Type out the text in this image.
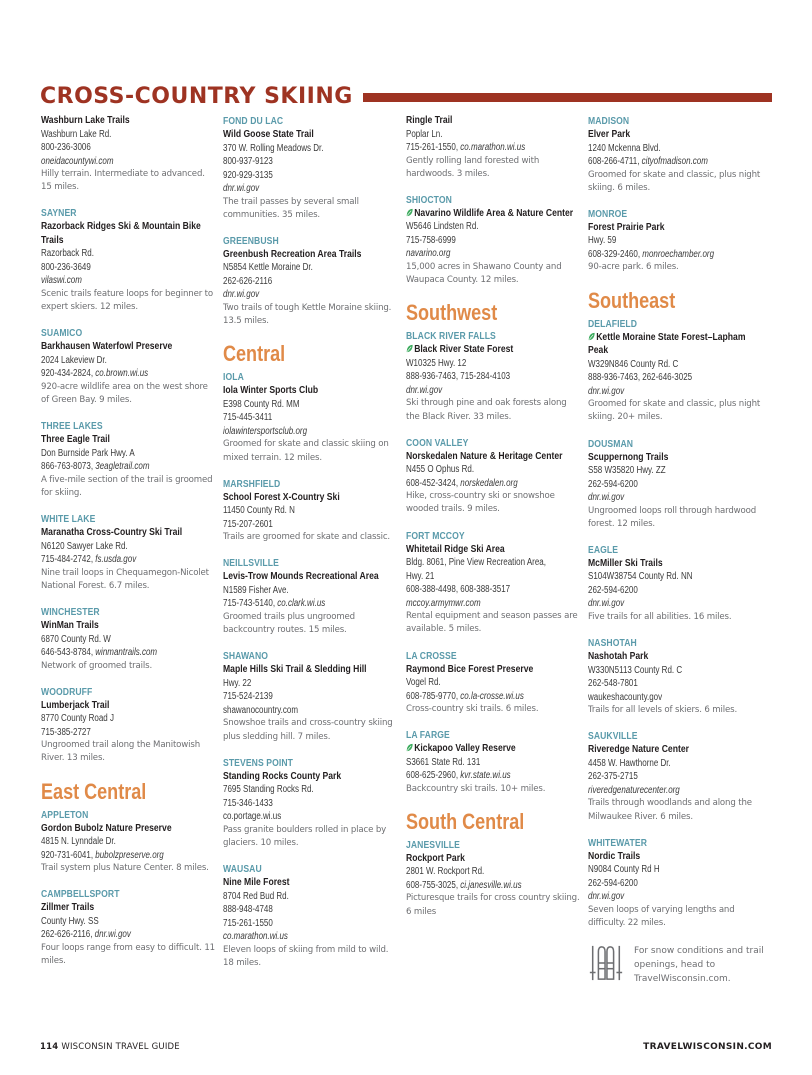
CROSS-COUNTRY SKIING
Washburn Lake Trails
Washburn Lake Rd.
800-236-3006
oneidacountywi.com
Hilly terrain. Intermediate to advanced. 15 miles.
SAYNER
Razorback Ridges Ski & Mountain Bike Trails
Razorback Rd.
800-236-3649
vilaswi.com
Scenic trails feature loops for beginner to expert skiers. 12 miles.
SUAMICO
Barkhausen Waterfowl Preserve
2024 Lakeview Dr.
920-434-2824, co.brown.wi.us
920-acre wildlife area on the west shore of Green Bay. 9 miles.
THREE LAKES
Three Eagle Trail
Don Burnside Park Hwy. A
866-763-8073, 3eagletrail.com
A five-mile section of the trail is groomed for skiing.
WHITE LAKE
Maranatha Cross-Country Ski Trail
N6120 Sawyer Lake Rd.
715-484-2742, fs.usda.gov
Nine trail loops in Chequamegon-Nicolet National Forest. 6.7 miles.
WINCHESTER
WinMan Trails
6870 County Rd. W
646-543-8784, winmantrails.com
Network of groomed trails.
WOODRUFF
Lumberjack Trail
8770 County Road J
715-385-2727
Ungroomed trail along the Manitowish River. 13 miles.
East Central
APPLETON
Gordon Bubolz Nature Preserve
4815 N. Lynndale Dr.
920-731-6041, bubolzpreserve.org
Trail system plus Nature Center. 8 miles.
CAMPBELLSPORT
Zillmer Trails
County Hwy. SS
262-626-2116, dnr.wi.gov
Four loops range from easy to difficult. 11 miles.
FOND DU LAC
Wild Goose State Trail
370 W. Rolling Meadows Dr.
800-937-9123
920-929-3135
dnr.wi.gov
The trail passes by several small communities. 35 miles.
GREENBUSH
Greenbush Recreation Area Trails
N5854 Kettle Moraine Dr.
262-626-2116
dnr.wi.gov
Two trails of tough Kettle Moraine skiing. 13.5 miles.
Central
IOLA
Iola Winter Sports Club
E398 County Rd. MM
715-445-3411
iolawintersportsclub.org
Groomed for skate and classic skiing on mixed terrain. 12 miles.
MARSHFIELD
School Forest X-Country Ski
11450 County Rd. N
715-207-2601
Trails are groomed for skate and classic.
NEILLSVILLE
Levis-Trow Mounds Recreational Area
N1589 Fisher Ave.
715-743-5140, co.clark.wi.us
Groomed trails plus ungroomed backcountry routes. 15 miles.
SHAWANO
Maple Hills Ski Trail & Sledding Hill
Hwy. 22
715-524-2139
shawanocountry.com
Snowshoe trails and cross-country skiing plus sledding hill. 7 miles.
STEVENS POINT
Standing Rocks County Park
7695 Standing Rocks Rd.
715-346-1433
co.portage.wi.us
Pass granite boulders rolled in place by glaciers. 10 miles.
WAUSAU
Nine Mile Forest
8704 Red Bud Rd.
888-948-4748
715-261-1550
co.marathon.wi.us
Eleven loops of skiing from mild to wild. 18 miles.
Ringle Trail
Poplar Ln.
715-261-1550, co.marathon.wi.us
Gently rolling land forested with hardwoods. 3 miles.
SHIOCTON
Navarino Wildlife Area & Nature Center
W5646 Lindsten Rd.
715-758-6999
navarino.org
15,000 acres in Shawano County and Waupaca County. 12 miles.
Southwest
BLACK RIVER FALLS
Black River State Forest
W10325 Hwy. 12
888-936-7463, 715-284-4103
dnr.wi.gov
Ski through pine and oak forests along the Black River. 33 miles.
COON VALLEY
Norskedalen Nature & Heritage Center
N455 O Ophus Rd.
608-452-3424, norskedalen.org
Hike, cross-country ski or snowshoe wooded trails. 9 miles.
FORT MCCOY
Whitetail Ridge Ski Area
Bldg. 8061, Pine View Recreation Area,
Hwy. 21
608-388-4498, 608-388-3517
mccoy.armymwr.com
Rental equipment and season passes are available. 5 miles.
LA CROSSE
Raymond Bice Forest Preserve
Vogel Rd.
608-785-9770, co.la-crosse.wi.us
Cross-country ski trails. 6 miles.
LA FARGE
Kickapoo Valley Reserve
S3661 State Rd. 131
608-625-2960, kvr.state.wi.us
Backcountry ski trails. 10+ miles.
South Central
JANESVILLE
Rockport Park
2801 W. Rockport Rd.
608-755-3025, ci.janesville.wi.us
Picturesque trails for cross country skiing. 6 miles
MADISON
Elver Park
1240 Mckenna Blvd.
608-266-4711, cityofmadison.com
Groomed for skate and classic, plus night skiing. 6 miles.
MONROE
Forest Prairie Park
Hwy. 59
608-329-2460, monroechamber.org
90-acre park. 6 miles.
Southeast
DELAFIELD
Kettle Moraine State Forest–Lapham Peak
W329N846 County Rd. C
888-936-7463, 262-646-3025
dnr.wi.gov
Groomed for skate and classic, plus night skiing. 20+ miles.
DOUSMAN
Scuppernong Trails
S58 W35820 Hwy. ZZ
262-594-6200
dnr.wi.gov
Ungroomed loops roll through hardwood forest. 12 miles.
EAGLE
McMiller Ski Trails
S104W38754 County Rd. NN
262-594-6200
dnr.wi.gov
Five trails for all abilities. 16 miles.
NASHOTAH
Nashotah Park
W330N5113 County Rd. C
262-548-7801
waukeshacounty.gov
Trails for all levels of skiers. 6 miles.
SAUKVILLE
Riveredge Nature Center
4458 W. Hawthorne Dr.
262-375-2715
riveredgenaturecenter.org
Trails through woodlands and along the Milwaukee River. 6 miles.
WHITEWATER
Nordic Trails
N9084 County Rd H
262-594-6200
dnr.wi.gov
Seven loops of varying lengths and difficulty. 22 miles.
For snow conditions and trail openings, head to TravelWisconsin.com.
114 WISCONSIN TRAVEL GUIDE	TRAVELWISCONSIN.COM
